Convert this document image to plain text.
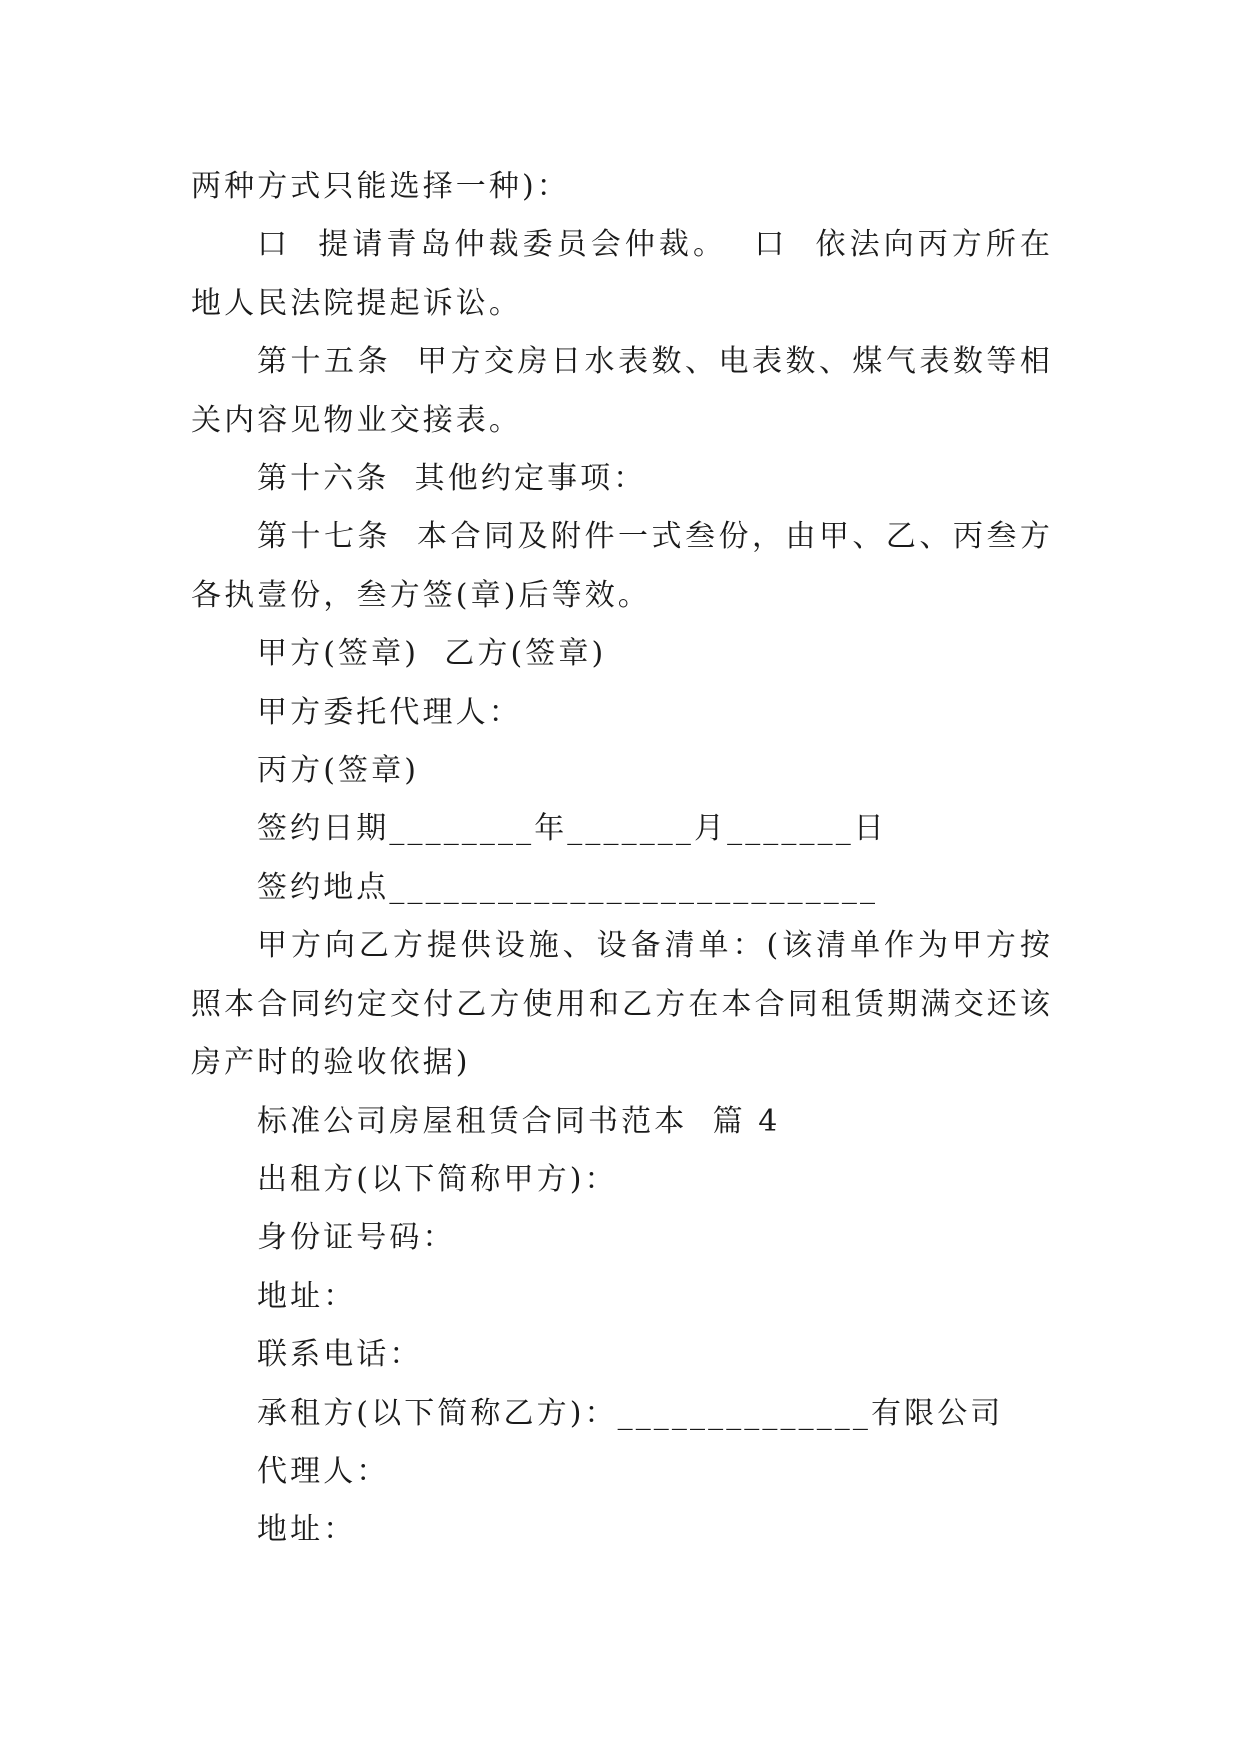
两种方式只能选择一种)：

口  提请青岛仲裁委员会仲裁。  口  依法向丙方所在地人民法院提起诉讼。

第十五条  甲方交房日水表数、电表数、煤气表数等相关内容见物业交接表。

第十六条  其他约定事项：

第十七条  本合同及附件一式叁份，由甲、乙、丙叁方各执壹份，叁方签(章)后等效。

甲方(签章)  乙方(签章)

甲方委托代理人：

丙方(签章)

签约日期________年_______月_______日

签约地点___________________________

甲方向乙方提供设施、设备清单：(该清单作为甲方按照本合同约定交付乙方使用和乙方在本合同租赁期满交还该房产时的验收依据)

标准公司房屋租赁合同书范本  篇 4

出租方(以下简称甲方)：

身份证号码：

地址：

联系电话：

承租方(以下简称乙方)：______________有限公司

代理人：

地址：
